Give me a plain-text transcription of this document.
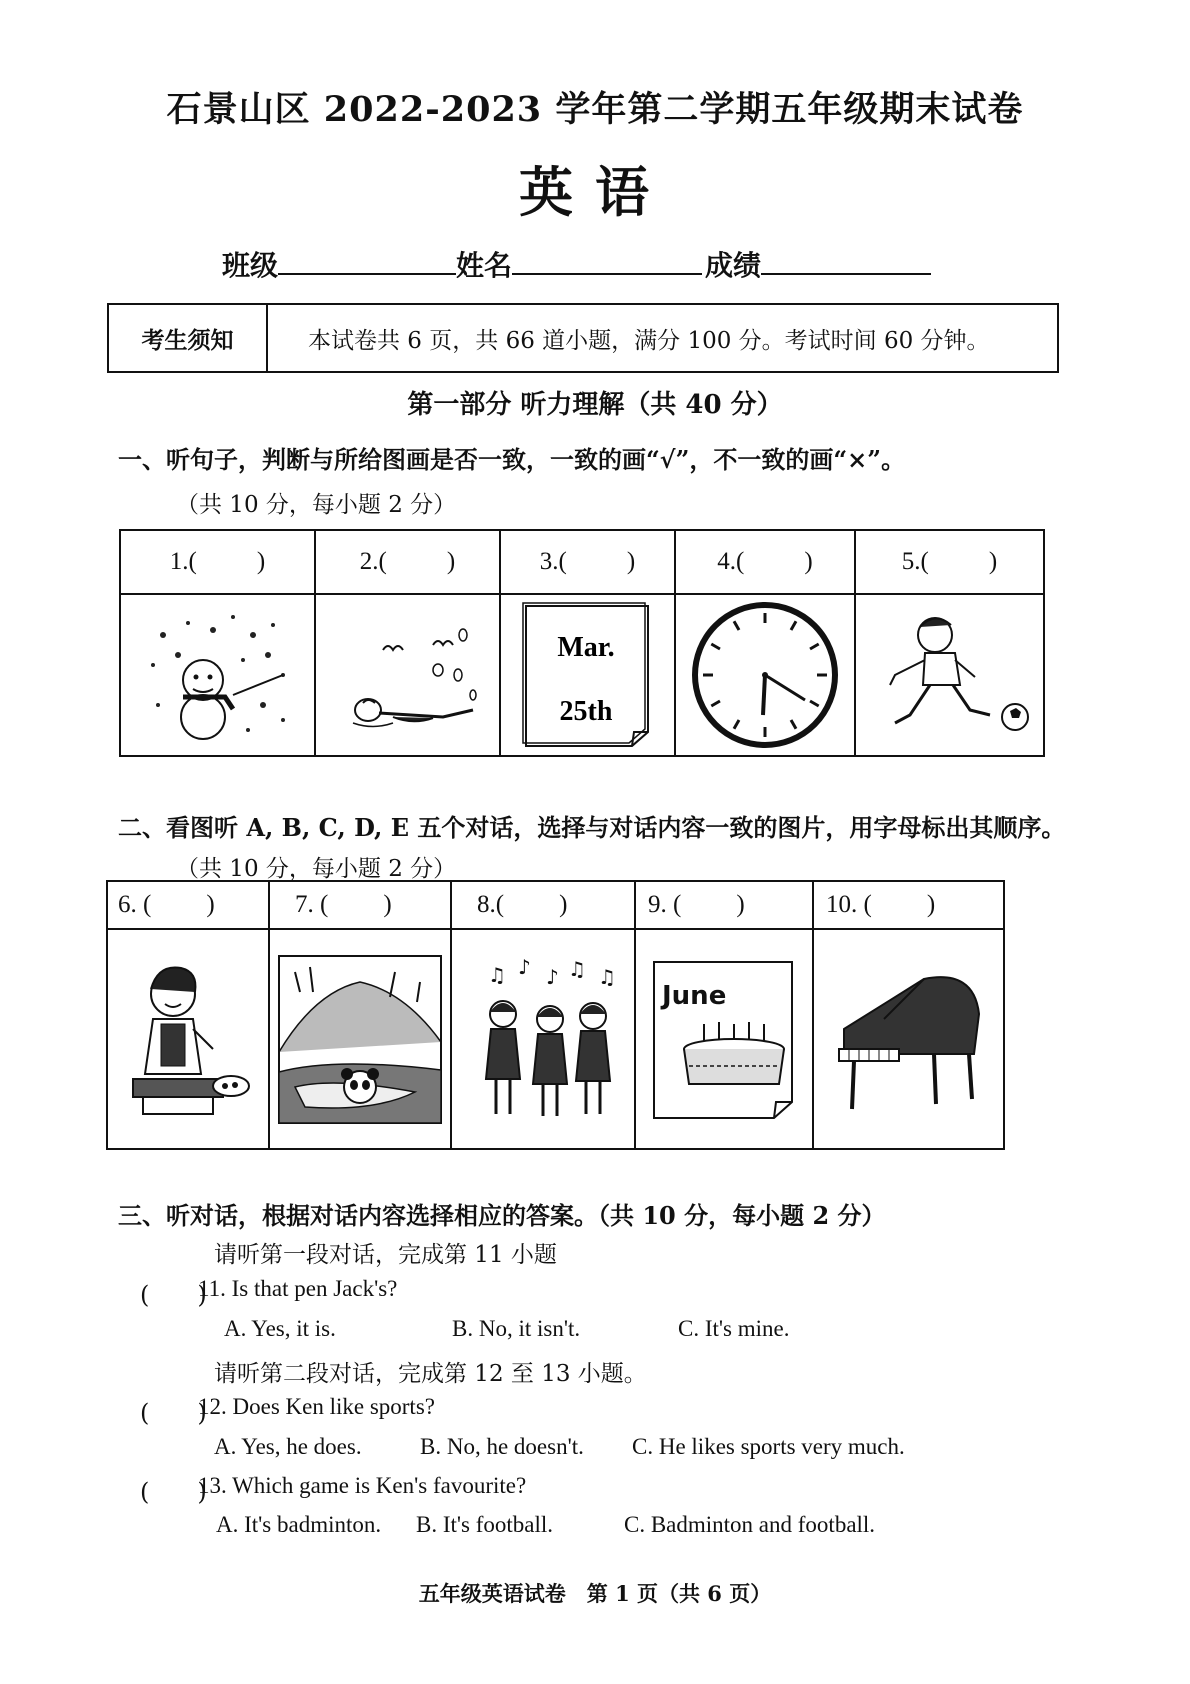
石景山区 2022-2023 学年第二学期五年级期末试卷
英语
班级	姓名	成绩
考生须知	本试卷共 6 页，共 66 道小题，满分 100 分。考试时间 60 分钟。
第一部分 听力理解（共 40 分）
一、听句子，判断与所给图画是否一致，一致的画“√”，不一致的画“×”。
（共 10 分，每小题 2 分）
1.( )	2.( )	3.( )	4.( )	5.( )

Mar.
25th

二、看图听 A, B, C, D, E 五个对话，选择与对话内容一致的图片，用字母标出其顺序。
（共 10 分，每小题 2 分）
6. ( )	7. ( )	8.( )	9. ( )	10. ( )

♫ ♪ ♪ ♫ ♫	June

三、听对话，根据对话内容选择相应的答案。（共 10 分，每小题 2 分）
请听第一段对话，完成第 11 小题
(　　)
11. Is that pen Jack's?
A. Yes, it is.	B. No, it isn't.	C. It's mine.
请听第二段对话，完成第 12 至 13 小题。
(　　)
12. Does Ken like sports?
A. Yes, he does.	B. No, he doesn't. C. He likes sports very much.
(　　)
13. Which game is Ken's favourite?
A. It's badminton. B. It's football.	C. Badminton and football.
五年级英语试卷　第 1 页（共 6 页）
